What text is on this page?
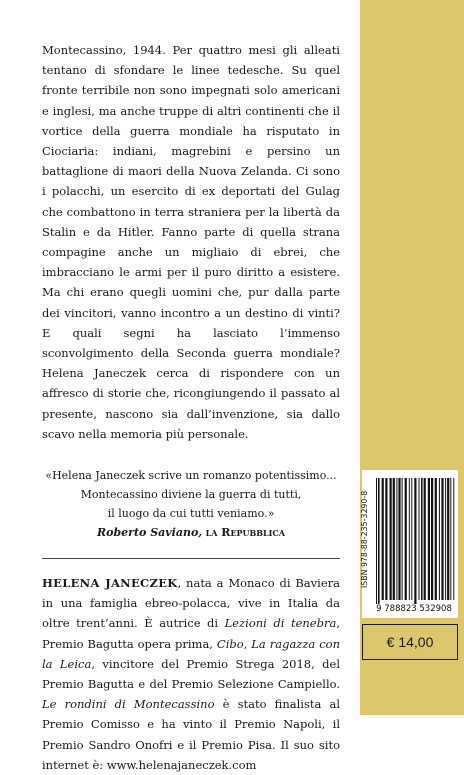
Montecassino, 1944. Per quattro mesi gli alleati tentano di sfondare le linee tedesche. Su quel fronte terribile non sono impegnati solo americani e inglesi, ma anche truppe di altri continenti che il vortice della guerra mondiale ha risputato in Ciociaria: indiani, magrebini e persino un battaglione di maori della Nuova Zelanda. Ci sono i polacchi, un esercito di ex deportati del Gulag che combattono in terra straniera per la libertà da Stalin e da Hitler. Fanno parte di quella strana compagine anche un migliaio di ebrei, che imbracciano le armi per il puro diritto a esistere. Ma chi erano quegli uomini che, pur dalla parte dei vincitori, vanno incontro a un destino di vinti? E quali segni ha lasciato l’immenso sconvolgimento della Seconda guerra mondiale? Helena Janeczek cerca di rispondere con un affresco di storie che, ricongiungendo il passato al presente, nascono sia dall’invenzione, sia dallo scavo nella memoria più personale.

«Helena Janeczek scrive un romanzo potentissimo...
Montecassino diviene la guerra di tutti,
il luogo da cui tutti veniamo.»

Roberto Saviano, la Repubblica

HELENA JANECZEK, nata a Monaco di Baviera in una famiglia ebreo-polacca, vive in Italia da oltre trent’anni. È autrice di Lezioni di tenebra, Premio Bagutta opera prima, Cibo, La ragazza con la Leica, vincitore del Premio Strega 2018, del Premio Bagutta e del Premio Selezione Campiello. Le rondini di Montecassino è stato finalista al Premio Comisso e ha vinto il Premio Napoli, il Premio Sandro Onofri e il Premio Pisa. Il suo sito internet è: www.helenajaneczek.com

9 788823 532908
ISBN 978-88-235-3290-8
€ 14,00
